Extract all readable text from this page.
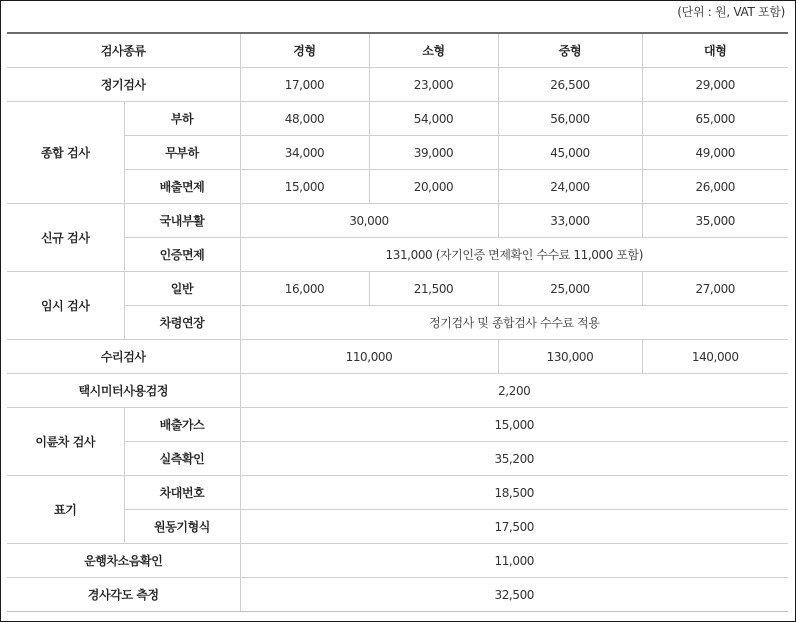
(단위 : 원, VAT 포함)
검사종류		경형	소형	중형	대형
정기검사		17,000	23,000	26,500	29,000
종합 검사	부하	48,000	54,000	56,000	65,000
	무부하	34,000	39,000	45,000	49,000
	배출면제	15,000	20,000	24,000	26,000
신규 검사	국내부활	30,000		33,000	35,000
	인증면제	131,000 (자기인증 면제확인 수수료 11,000 포함)			
임시 검사	일반	16,000	21,500	25,000	27,000
	차령연장	정기검사 및 종합검사 수수료 적용			
수리검사		110,000		130,000	140,000
택시미터사용검정		2,200			
이륜차 검사	배출가스	15,000			
	실측확인	35,200			
표기	차대번호	18,500			
	원동기형식	17,500			
운행차소음확인		11,000			
경사각도 측정		32,500			
